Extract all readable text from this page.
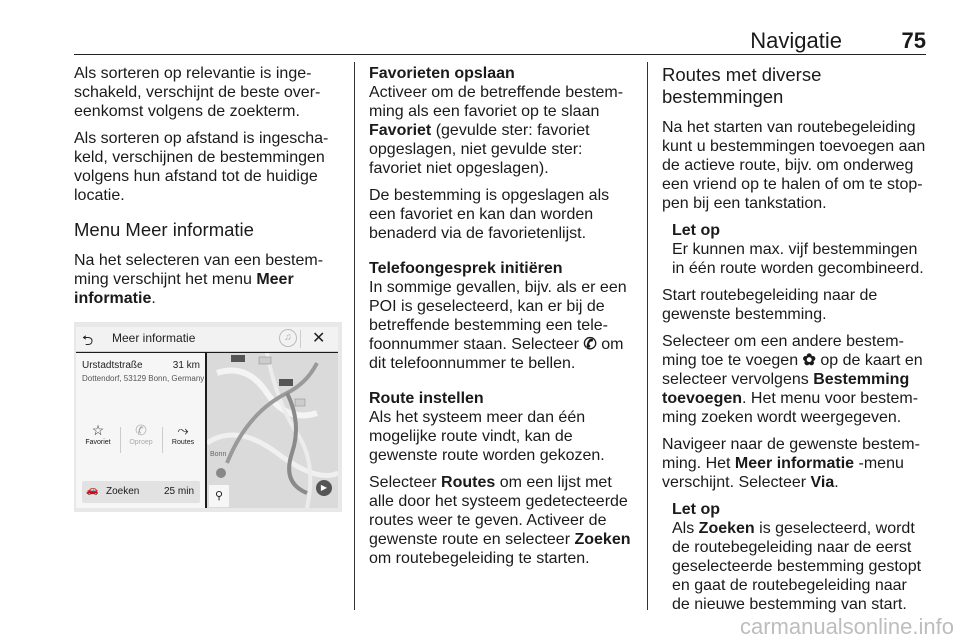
Navigatie	75

Als sorteren op relevantie is ingeschakeld, verschijnt de beste overeenkomst volgens de zoekterm.

Als sorteren op afstand is ingeschakeld, verschijnen de bestemmingen volgens hun afstand tot de huidige locatie.

Menu Meer informatie

Na het selecteren van een bestemming verschijnt het menu Meer informatie.

⮌ Meer informatie	♫	✕
Urstadtstraße	31 km
Dottendorf, 53129 Bonn, Germany
☆
Favoriet
✆
Oproep
⤳
Routes
🚗 Zoeken 25 min
Bonn
⚲
▶
Favorieten opslaan

Activeer om de betreffende bestemming als een favoriet op te slaan Favoriet (gevulde ster: favoriet opgeslagen, niet gevulde ster: favoriet niet opgeslagen).

De bestemming is opgeslagen als een favoriet en kan dan worden benaderd via de favorietenlijst.

Telefoongesprek initiëren

In sommige gevallen, bijv. als er een POI is geselecteerd, kan er bij de betreffende bestemming een telefoonnummer staan. Selecteer ✆ om dit telefoonnummer te bellen.

Route instellen

Als het systeem meer dan één mogelijke route vindt, kan de gewenste route worden gekozen.

Selecteer Routes om een lijst met alle door het systeem gedetecteerde routes weer te geven. Activeer de gewenste route en selecteer Zoeken om routebegeleiding te starten.

Routes met diverse bestemmingen

Na het starten van routebegeleiding kunt u bestemmingen toevoegen aan de actieve route, bijv. om onderweg een vriend op te halen of om te stoppen bij een tankstation.

Let op

Er kunnen max. vijf bestemmingen in één route worden gecombineerd.

Start routebegeleiding naar de gewenste bestemming.

Selecteer om een andere bestemming toe te voegen ✿ op de kaart en selecteer vervolgens Bestemming toevoegen. Het menu voor bestemming zoeken wordt weergegeven.

Navigeer naar de gewenste bestemming. Het Meer informatie -menu verschijnt. Selecteer Via.

Let op

Als Zoeken is geselecteerd, wordt de routebegeleiding naar de eerst geselecteerde bestemming gestopt en gaat de routebegeleiding naar de nieuwe bestemming van start.

carmanualsonline.info
